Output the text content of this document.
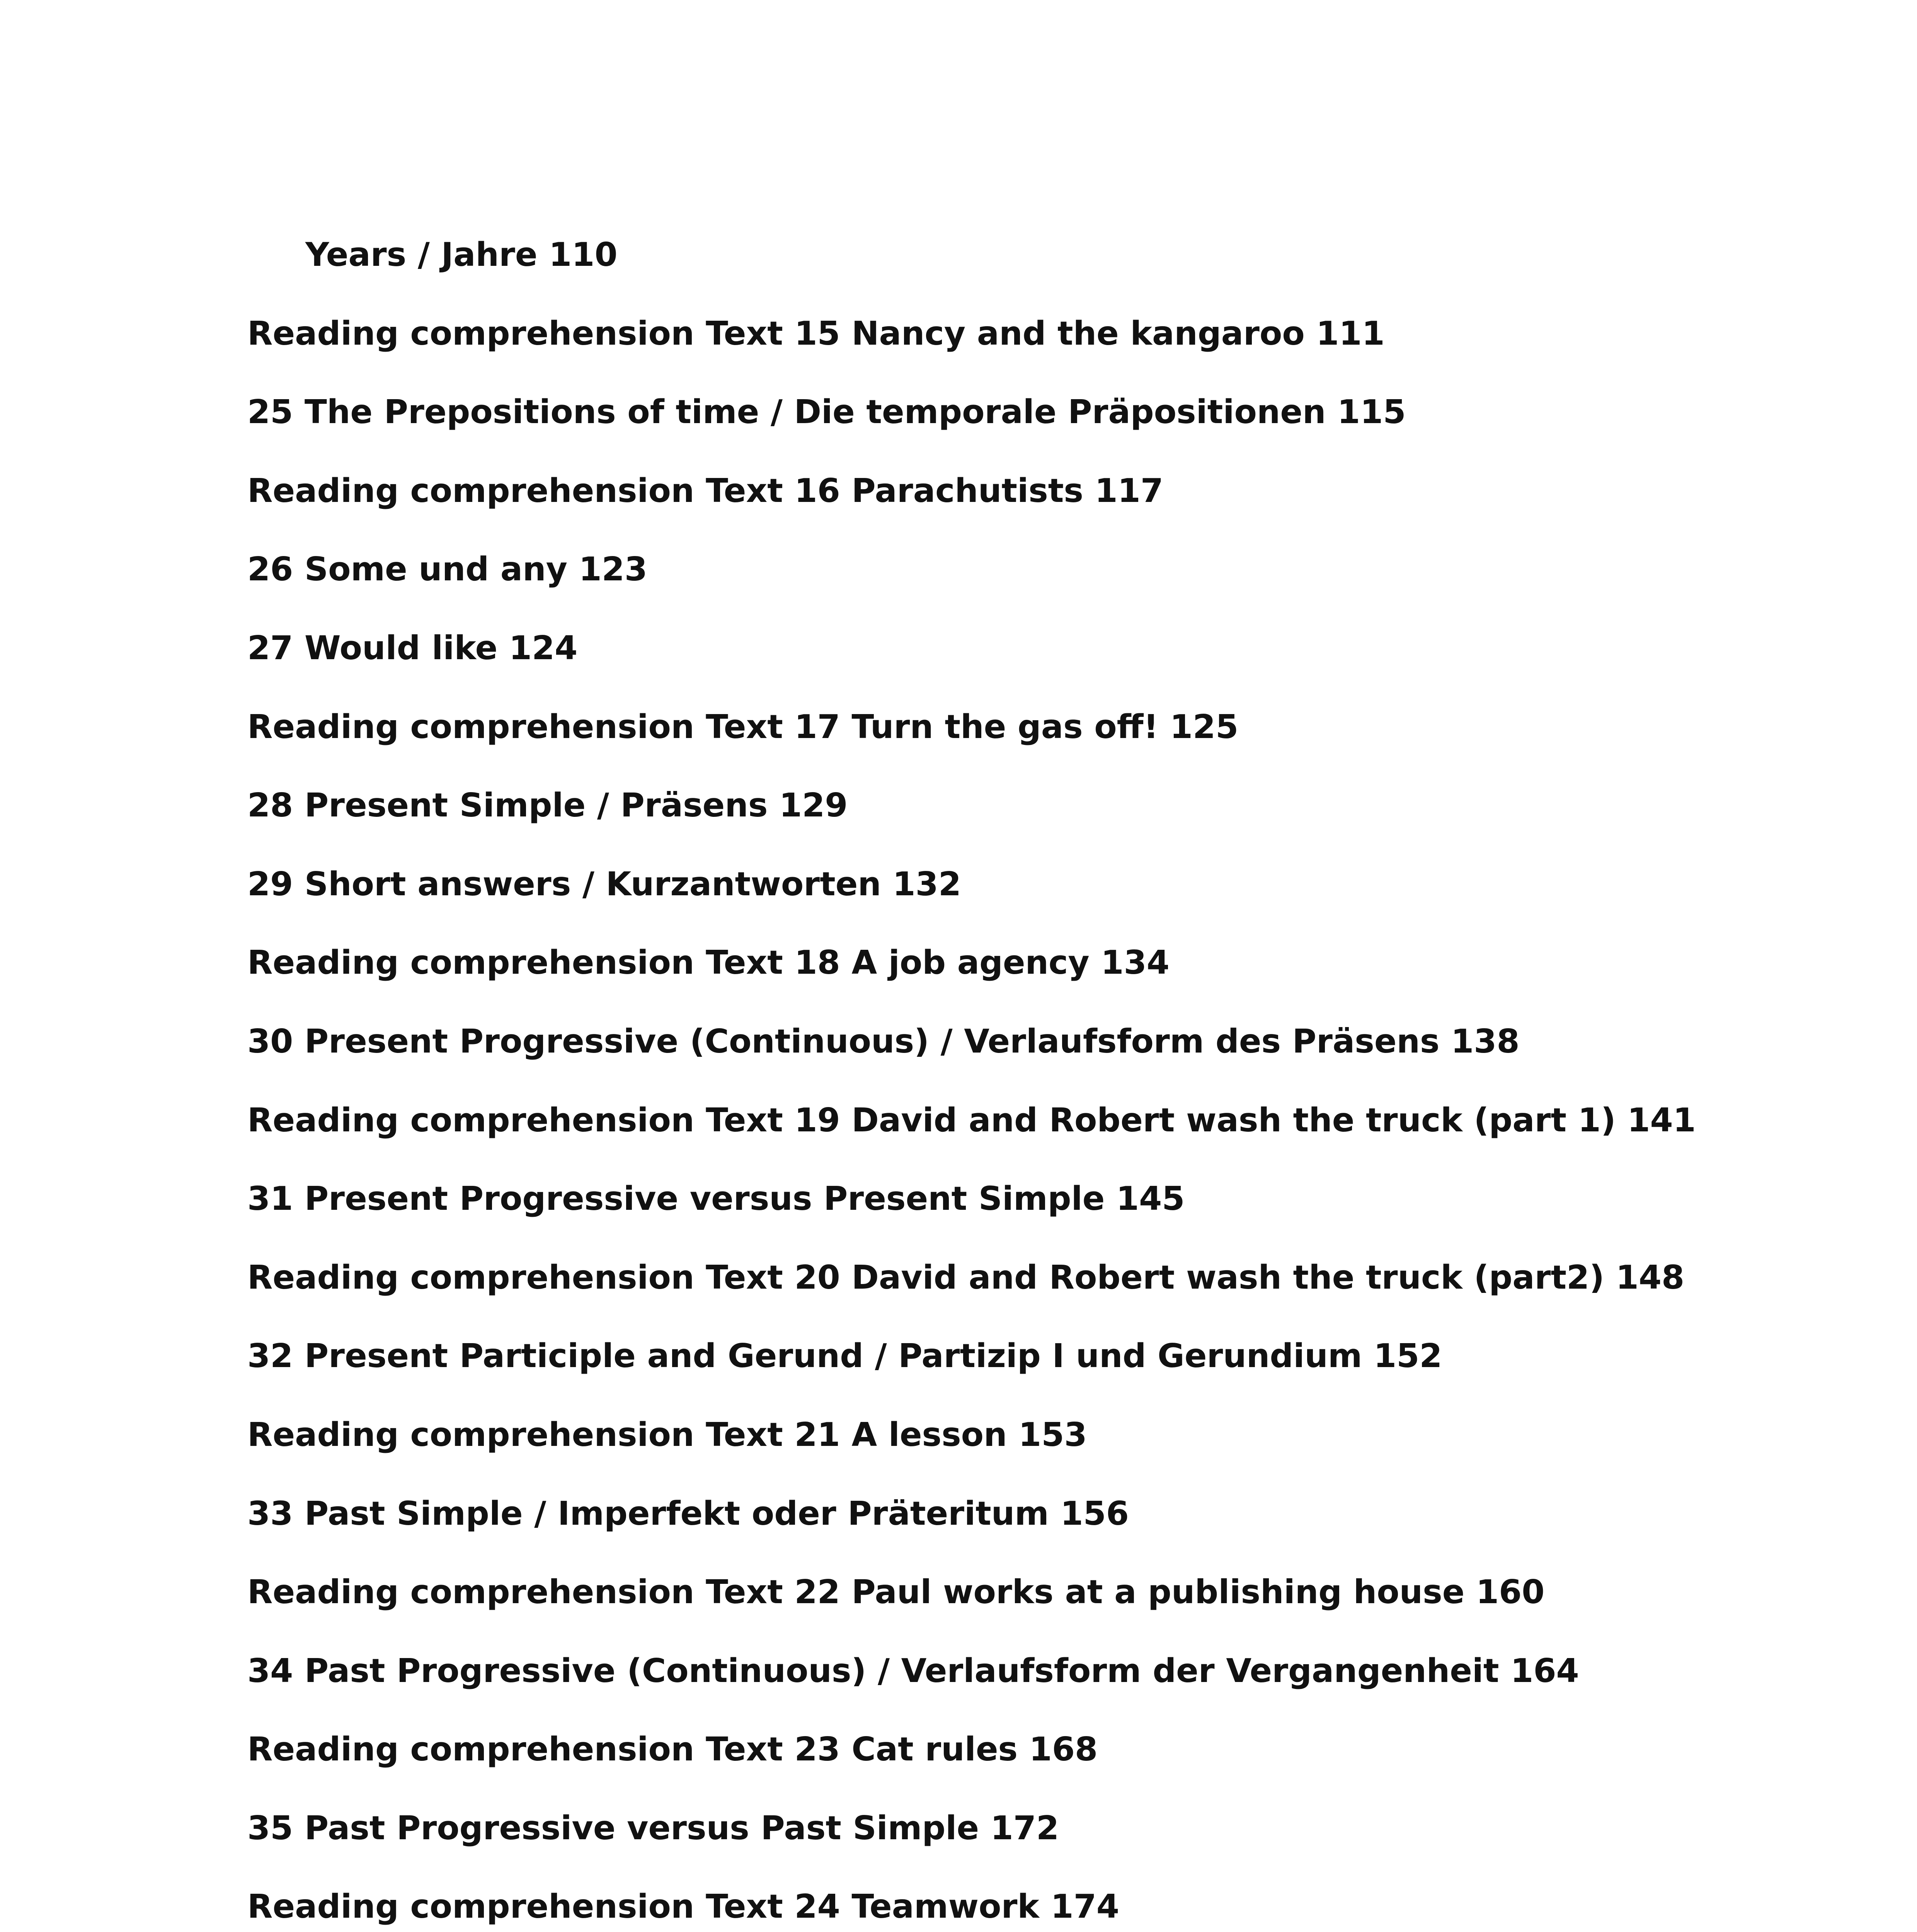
Years / Jahre 110
Reading comprehension Text 15 Nancy and the kangaroo 111
25 The Prepositions of time / Die temporale Präpositionen 115
Reading comprehension Text 16 Parachutists 117
26 Some und any 123
27 Would like 124
Reading comprehension Text 17 Turn the gas off! 125
28 Present Simple / Präsens 129
29 Short answers / Kurzantworten 132
Reading comprehension Text 18 A job agency 134
30 Present Progressive (Continuous) / Verlaufsform des Präsens 138
Reading comprehension Text 19 David and Robert wash the truck (part 1) 141
31 Present Progressive versus Present Simple 145
Reading comprehension Text 20 David and Robert wash the truck (part2) 148
32 Present Participle and Gerund / Partizip I und Gerundium 152
Reading comprehension Text 21 A lesson 153
33 Past Simple / Imperfekt oder Präteritum 156
Reading comprehension Text 22 Paul works at a publishing house 160
34 Past Progressive (Continuous) / Verlaufsform der Vergangenheit 164
Reading comprehension Text 23 Cat rules 168
35 Past Progressive versus Past Simple 172
Reading comprehension Text 24 Teamwork 174
